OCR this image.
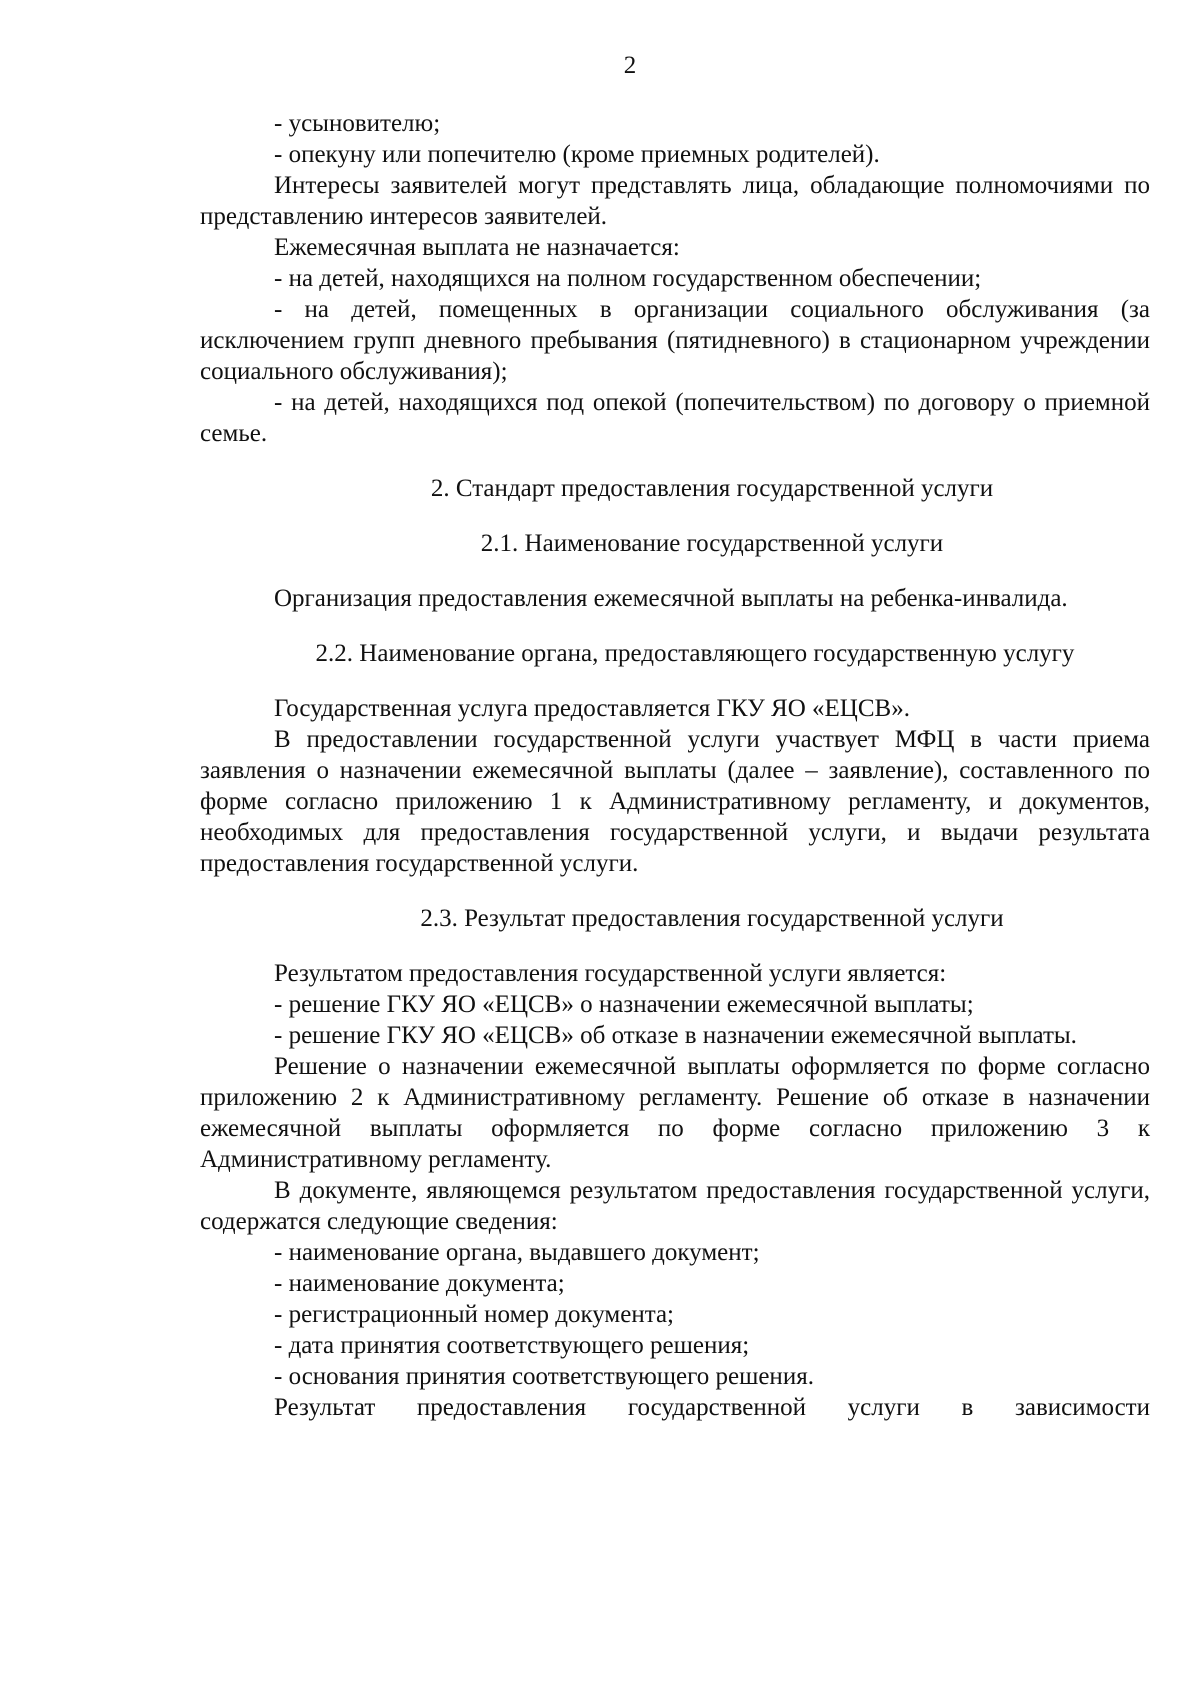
2

- усыновителю;

- опекуну или попечителю (кроме приемных родителей).

Интересы заявителей могут представлять лица, обладающие полномочиями по представлению интересов заявителей.

Ежемесячная выплата не назначается:

- на детей, находящихся на полном государственном обеспечении;

- на детей, помещенных в организации социального обслуживания (за исключением групп дневного пребывания (пятидневного) в стационарном учреждении социального обслуживания);

- на детей, находящихся под опекой (попечительством) по договору о приемной семье.

2. Стандарт предоставления государственной услуги

2.1. Наименование государственной услуги

Организация предоставления ежемесячной выплаты на ребенка-инвалида.

2.2. Наименование органа, предоставляющего государственную услугу

Государственная услуга предоставляется ГКУ ЯО «ЕЦСВ».

В предоставлении государственной услуги участвует МФЦ в части приема заявления о назначении ежемесячной выплаты (далее – заявление), составленного по форме согласно приложению 1 к Административному регламенту, и документов, необходимых для предоставления государственной услуги, и выдачи результата предоставления государственной услуги.

2.3. Результат предоставления государственной услуги

Результатом предоставления государственной услуги является:

- решение ГКУ ЯО «ЕЦСВ» о назначении ежемесячной выплаты;

- решение ГКУ ЯО «ЕЦСВ» об отказе в назначении ежемесячной выплаты.

Решение о назначении ежемесячной выплаты оформляется по форме согласно приложению 2 к Административному регламенту. Решение об отказе в назначении ежемесячной выплаты оформляется по форме согласно приложению 3 к Административному регламенту.

В документе, являющемся результатом предоставления государственной услуги, содержатся следующие сведения:

- наименование органа, выдавшего документ;

- наименование документа;

- регистрационный номер документа;

- дата принятия соответствующего решения;

- основания принятия соответствующего решения.

Результат предоставления государственной услуги в зависимости
